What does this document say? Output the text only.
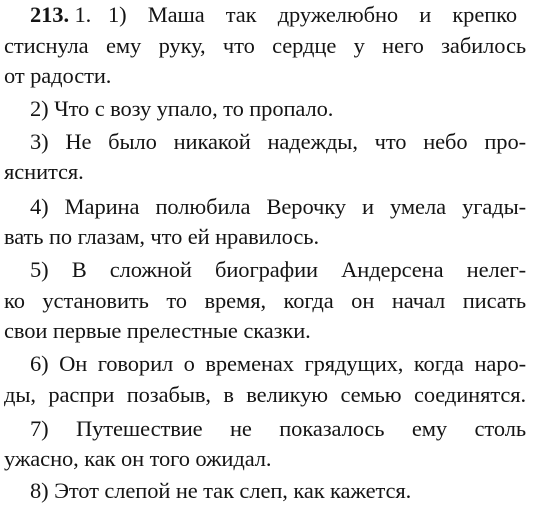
213. 1. 1) Маша так дружелюбно и крепко
стиснула ему руку, что сердце у него забилось
от радости.
2) Что с возу упало, то пропало.
3) Не было никакой надежды, что небо про-
яснится.
4) Марина полюбила Верочку и умела угады-
вать по глазам, что ей нравилось.
5) В сложной биографии Андерсена нелег-
ко установить то время, когда он начал писать
свои первые прелестные сказки.
6) Он говорил о временах грядущих, когда наро-
ды, распри позабыв, в великую семью соединятся.
7) Путешествие не показалось ему столь
ужасно, как он того ожидал.
8) Этот слепой не так слеп, как кажется.
